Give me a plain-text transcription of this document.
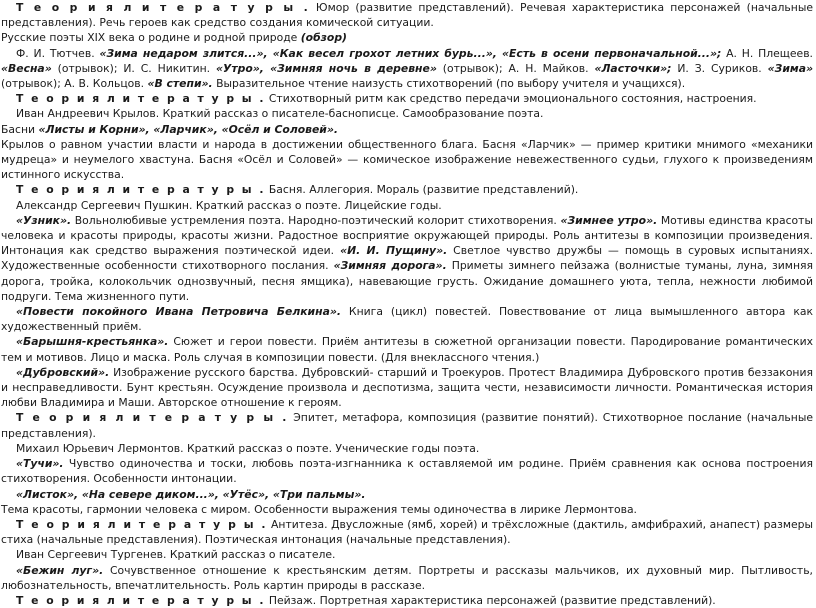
Т е о р и я л и т е р а т у р ы . Юмор (развитие представлений). Речевая характеристика персонажей (начальные представления). Речь героев как средство создания комической ситуации.

Русские поэты XIX века о родине и родной природе (обзор)

Ф. И. Тютчев. «Зима недаром злится...», «Как весел грохот летних бурь...», «Есть в осени первоначальной...»; А. Н. Плещеев. «Весна» (отрывок); И. С. Никитин. «Утро», «Зимняя ночь в деревне» (отрывок); А. Н. Майков. «Ласточки»; И. З. Суриков. «Зима» (отрывок); А. В. Кольцов. «В степи». Выразительное чтение наизусть стихотворений (по выбору учителя и учащихся).

Т е о р и я л и т е р а т у р ы . Стихотворный ритм как средство передачи эмоционального состояния, настроения.

Иван Андреевич Крылов. Краткий рассказ о писателе-баснописце. Самообразование поэта.

Басни «Листы и Корни», «Ларчик», «Осёл и Соловей».

Крылов о равном участии власти и народа в достижении общественного блага. Басня «Ларчик» — пример критики мнимого «механики мудреца» и неумелого хвастуна. Басня «Осёл и Соловей» — комическое изображение невежественного судьи, глухого к произведениям истинного искусства.

Т е о р и я л и т е р а т у р ы . Басня. Аллегория. Мораль (развитие представлений).

Александр Сергеевич Пушкин. Краткий рассказ о поэте. Лицейские годы.

«Узник». Вольнолюбивые устремления поэта. Народно-поэтический колорит стихотворения. «Зимнее утро». Мотивы единства красоты человека и красоты природы, красоты жизни. Радостное восприятие окружающей природы. Роль антитезы в композиции произведения. Интонация как средство выражения поэтической идеи. «И. И. Пущину». Светлое чувство дружбы — помощь в суровых испытаниях. Художественные особенности стихотворного послания. «Зимняя дорога». Приметы зимнего пейзажа (волнистые туманы, луна, зимняя дорога, тройка, колокольчик однозвучный, песня ямщика), навевающие грусть. Ожидание домашнего уюта, тепла, нежности любимой подруги. Тема жизненного пути.

«Повести покойного Ивана Петровича Белкина». Книга (цикл) повестей. Повествование от лица вымышленного автора как художественный приём.

«Барышня-крестьянка». Сюжет и герои повести. Приём антитезы в сюжетной организации повести. Пародирование романтических тем и мотивов. Лицо и маска. Роль случая в композиции повести. (Для внеклассного чтения.)

«Дубровский». Изображение русского барства. Дубровский- старший и Троекуров. Протест Владимира Дубровского против беззакония и несправедливости. Бунт крестьян. Осуждение произвола и деспотизма, защита чести, независимости личности. Романтическая история любви Владимира и Маши. Авторское отношение к героям.

Т е о р и я л и т е р а т у р ы . Эпитет, метафора, композиция (развитие понятий). Стихотворное послание (начальные представления).

Михаил Юрьевич Лермонтов. Краткий рассказ о поэте. Ученические годы поэта.

«Тучи». Чувство одиночества и тоски, любовь поэта-изгнанника к оставляемой им родине. Приём сравнения как основа построения стихотворения. Особенности интонации.

«Листок», «На севере диком...», «Утёс», «Три пальмы».

Тема красоты, гармонии человека с миром. Особенности выражения темы одиночества в лирике Лермонтова.

Т е о р и я л и т е р а т у р ы . Антитеза. Двусложные (ямб, хорей) и трёхсложные (дактиль, амфибрахий, анапест) размеры стиха (начальные представления). Поэтическая интонация (начальные представления).

Иван Сергеевич Тургенев. Краткий рассказ о писателе.

«Бежин луг». Сочувственное отношение к крестьянским детям. Портреты и рассказы мальчиков, их духовный мир. Пытливость, любознательность, впечатлительность. Роль картин природы в рассказе.

Т е о р и я л и т е р а т у р ы . Пейзаж. Портретная характеристика персонажей (развитие представлений).
